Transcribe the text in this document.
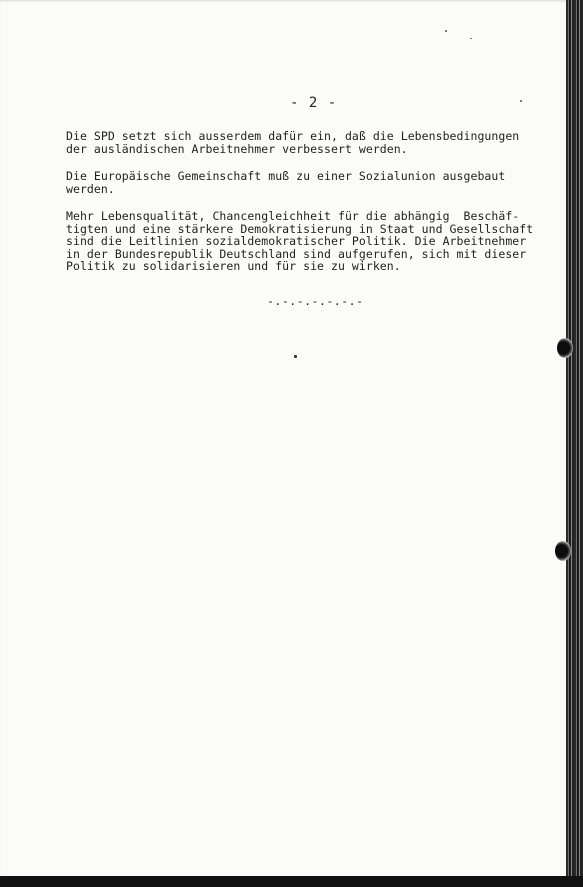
- 2 -
Die SPD setzt sich ausserdem dafür ein, daß die Lebensbedingungen
der ausländischen Arbeitnehmer verbessert werden.
Die Europäische Gemeinschaft muß zu einer Sozialunion ausgebaut
werden.
Mehr Lebensqualität, Chancengleichheit für die abhängig  Beschäf-
tigten und eine stärkere Demokratisierung in Staat und Gesellschaft
sind die Leitlinien sozialdemokratischer Politik. Die Arbeitnehmer
in der Bundesrepublik Deutschland sind aufgerufen, sich mit dieser
Politik zu solidarisieren und für sie zu wirken.
-.-.-.-.-.-.-
